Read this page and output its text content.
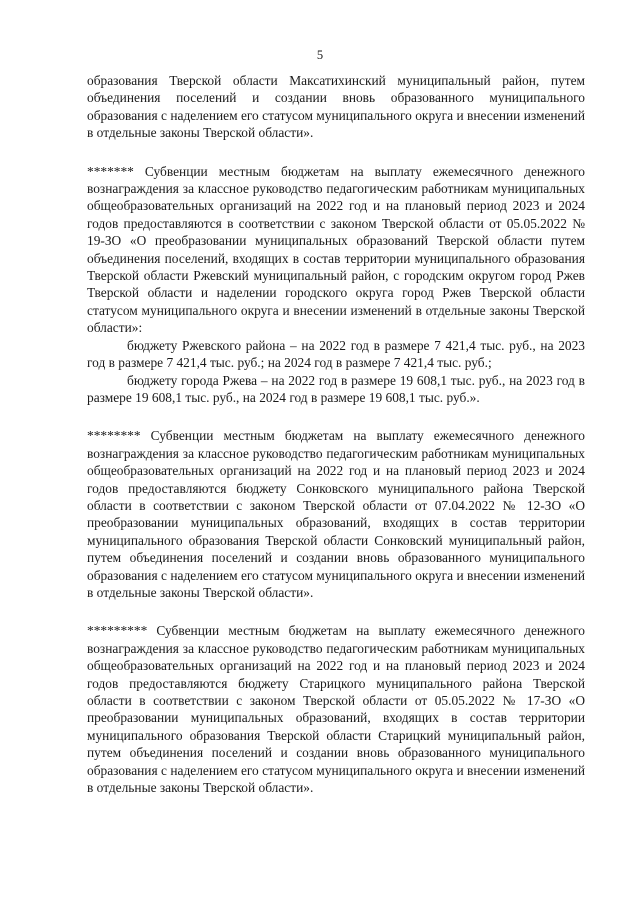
5

образования Тверской области Максатихинский муниципальный район, путем объединения поселений и создании вновь образованного муниципального образования с наделением его статусом муниципального округа и внесении изменений в отдельные законы Тверской области».

******* Субвенции местным бюджетам на выплату ежемесячного денежного вознаграждения за классное руководство педагогическим работникам муниципальных общеобразовательных организаций на 2022 год и на плановый период 2023 и 2024 годов предоставляются в соответствии с законом Тверской области от 05.05.2022 № 19-ЗО «О преобразовании муниципальных образований Тверской области путем объединения поселений, входящих в состав территории муниципального образования Тверской области Ржевский муниципальный район, с городским округом город Ржев Тверской области и наделении городского округа город Ржев Тверской области статусом муниципального округа и внесении изменений в отдельные законы Тверской области»:

бюджету Ржевского района – на 2022 год в размере 7 421,4 тыс. руб., на 2023 год в размере 7 421,4 тыс. руб.; на 2024 год в размере 7 421,4 тыс. руб.;

бюджету города Ржева – на 2022 год в размере 19 608,1 тыс. руб., на 2023 год в размере 19 608,1 тыс. руб., на 2024 год в размере 19 608,1 тыс. руб.».

******** Субвенции местным бюджетам на выплату ежемесячного денежного вознаграждения за классное руководство педагогическим работникам муниципальных общеобразовательных организаций на 2022 год и на плановый период 2023 и 2024 годов предоставляются бюджету Сонковского муниципального района Тверской области в соответствии с законом Тверской области от 07.04.2022 № 12-ЗО «О преобразовании муниципальных образований, входящих в состав территории муниципального образования Тверской области Сонковский муниципальный район, путем объединения поселений и создании вновь образованного муниципального образования с наделением его статусом муниципального округа и внесении изменений в отдельные законы Тверской области».

********* Субвенции местным бюджетам на выплату ежемесячного денежного вознаграждения за классное руководство педагогическим работникам муниципальных общеобразовательных организаций на 2022 год и на плановый период 2023 и 2024 годов предоставляются бюджету Старицкого муниципального района Тверской области в соответствии с законом Тверской области от 05.05.2022 № 17-ЗО «О преобразовании муниципальных образований, входящих в состав территории муниципального образования Тверской области Старицкий муниципальный район, путем объединения поселений и создании вновь образованного муниципального образования с наделением его статусом муниципального округа и внесении изменений в отдельные законы Тверской области».
